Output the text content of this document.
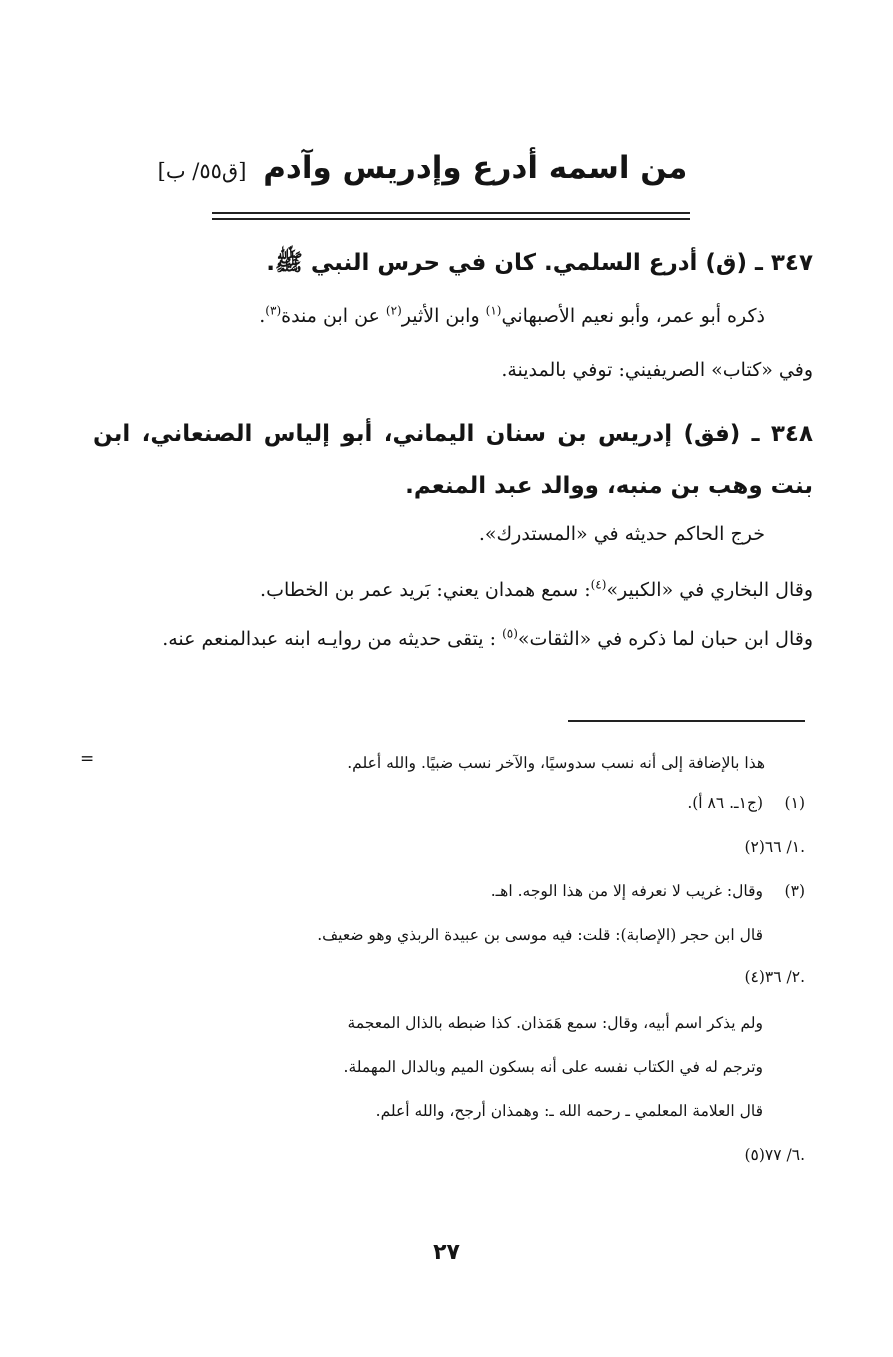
من اسمه أدرع وإدريس وآدم [ق٥٥/ ب]
٣٤٧ ـ (ق) أدرع السلمي. كان في حرس النبي ﷺ.
ذكره أبو عمر، وأبو نعيم الأصبهاني$^{(١)}$ وابن الأثير$^{(٢)}$ عن ابن مندة$^{(٣)}$.
وفي «كتاب» الصريفيني: توفي بالمدينة.
٣٤٨ ـ (فق) إدريس بن سنان اليماني، أبو إلياس الصنعاني، ابن بنت وهب بن منبه، ووالد عبد المنعم.
خرج الحاكم حديثه في «المستدرك».
وقال البخاري في «الكبير»$^{(٤)}$: سمع همدان يعني: بَريد عمر بن الخطاب.
وقال ابن حبان لما ذكره في «الثقات»$^{(٥)}$ : يتقى حديثه من روايـه ابنه عبدالمنعم عنه.
=	هذا بالإضافة إلى أنه نسب سدوسيًا، والآخر نسب ضبيًا. والله أعلم.
(١)(ج١ـ. ٨٦ أ).
(٢)١/ ٦٦.
(٣)وقال: غريب لا نعرفه إلا من هذا الوجه. اهـ.
قال ابن حجر (الإصابة): قلت: فيه موسى بن عبيدة الربذي وهو ضعيف.
(٤)٢/ ٣٦.
ولم يذكر اسم أبيه، وقال: سمع هَمَذان. كذا ضبطه بالذال المعجمة
وترجم له في الكتاب نفسه على أنه بسكون الميم وبالدال المهملة.
قال العلامة المعلمي ـ رحمه الله ـ: وهمذان أرجح، والله أعلم.
(٥)٦/ ٧٧.
٢٧
